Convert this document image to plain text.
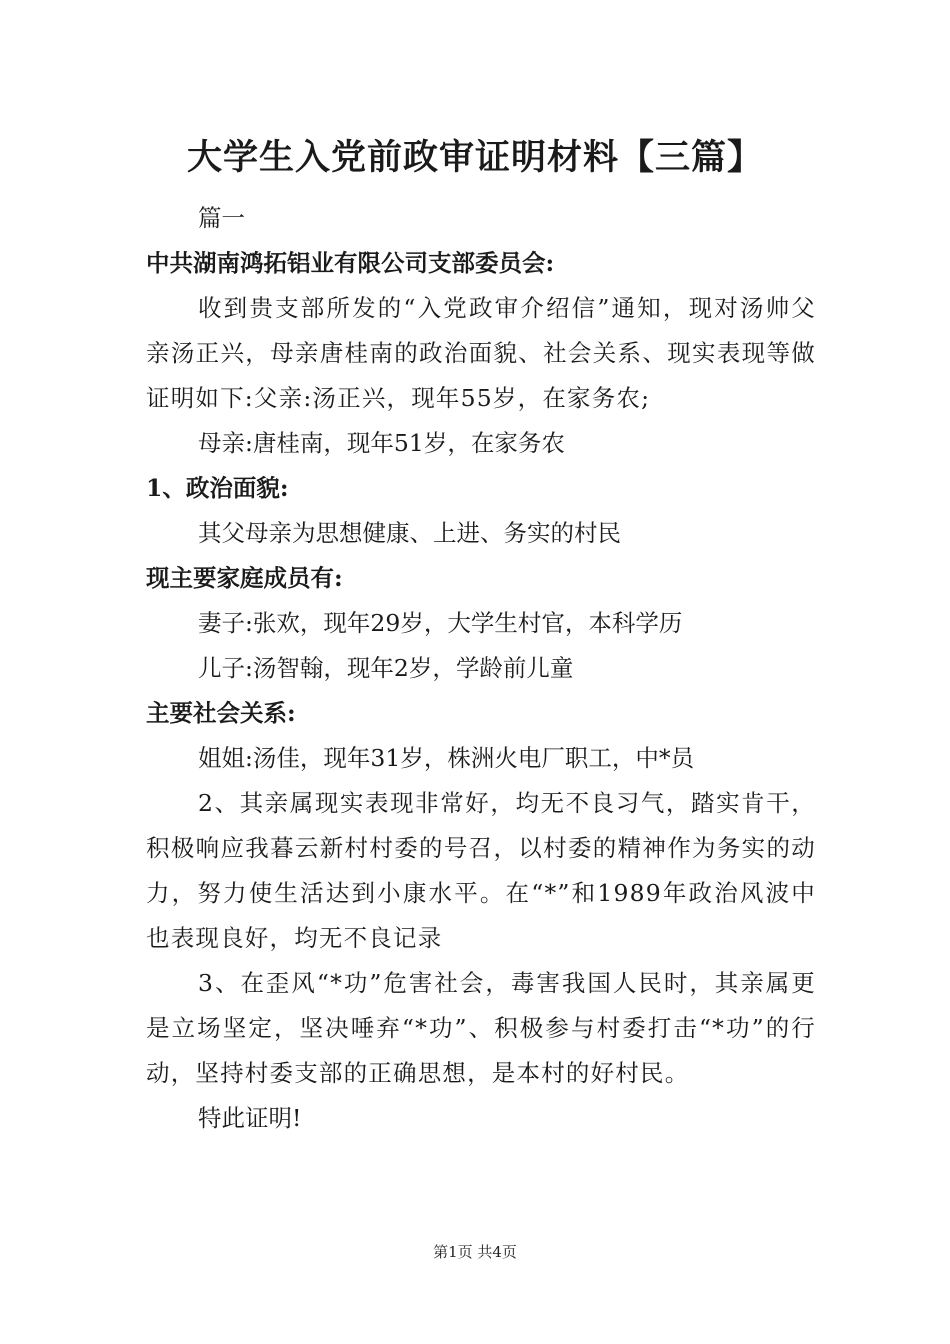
大学生入党前政审证明材料【三篇】

篇一

中共湖南鸿拓铝业有限公司支部委员会:

收到贵支部所发的“入党政审介绍信”通知，现对汤帅父亲汤正兴，母亲唐桂南的政治面貌、社会关系、现实表现等做证明如下:父亲:汤正兴，现年55岁，在家务农;

母亲:唐桂南，现年51岁，在家务农

1、政治面貌:

其父母亲为思想健康、上进、务实的村民

现主要家庭成员有:

妻子:张欢，现年29岁，大学生村官，本科学历

儿子:汤智翰，现年2岁，学龄前儿童

主要社会关系:

姐姐:汤佳，现年31岁，株洲火电厂职工，中*员

2、其亲属现实表现非常好，均无不良习气，踏实肯干，积极响应我暮云新村村委的号召，以村委的精神作为务实的动力，努力使生活达到小康水平。在“*”和1989年政治风波中也表现良好，均无不良记录

3、在歪风“*功”危害社会，毒害我国人民时，其亲属更是立场坚定，坚决唾弃“*功”、积极参与村委打击“*功”的行动，坚持村委支部的正确思想，是本村的好村民。

特此证明!

第1页 共4页
